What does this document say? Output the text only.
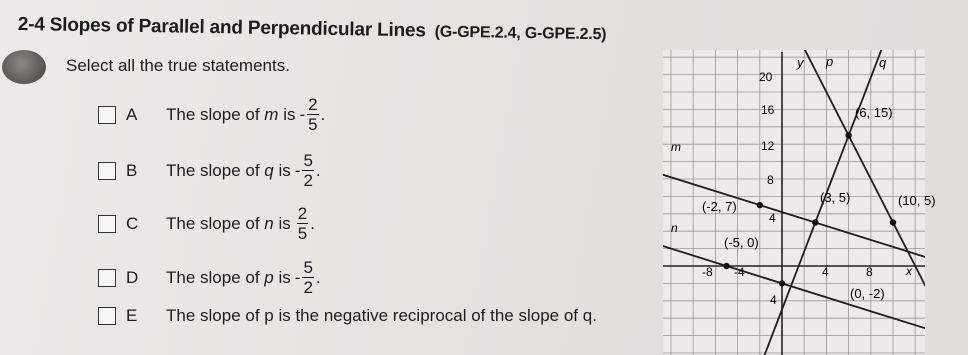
2-4 Slopes of Parallel and Perpendicular Lines (G-GPE.2.4, G-GPE.2.5)
Select all the true statements.
A	The slope of
m
is - $\frac{2}{5}$ .
B	The slope of
q
is - $\frac{5}{2}$ .
C	The slope of
n
is $\frac{2}{5}$ .
D	The slope of
p
is - $\frac{5}{2}$ .
E	The slope of p is the negative reciprocal of the slope of q.
y
x
-8 -4	4	8
20
16
12
8
4
4
m
n
p	q
(6, 15)
(-2, 7)
(3, 5)	(10, 5)
(-5, 0)
(0, -2)
